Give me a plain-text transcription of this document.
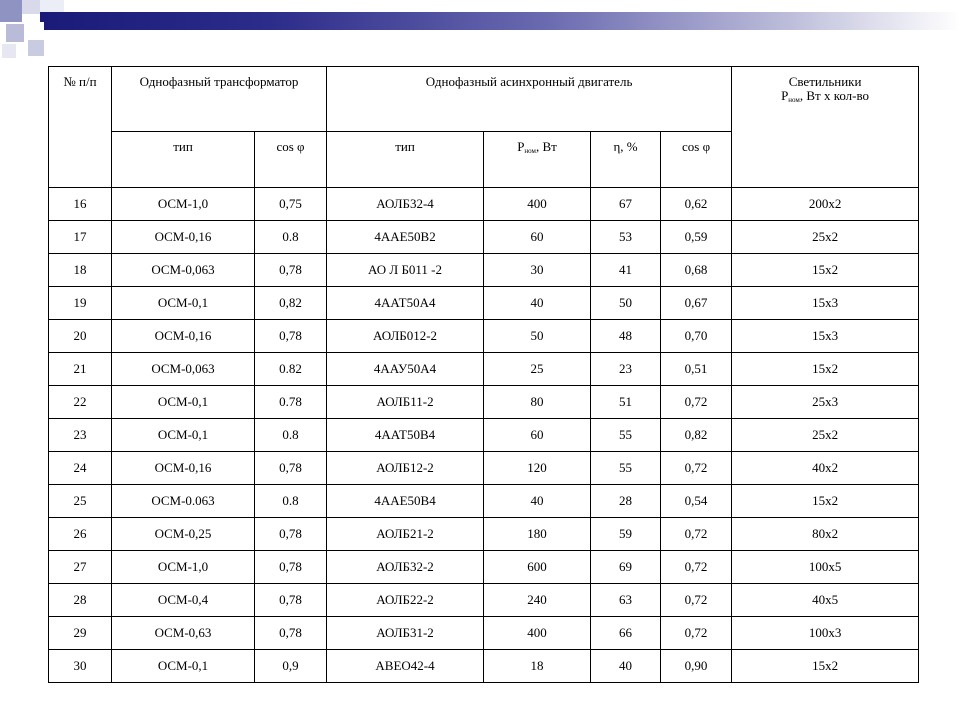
№ п/п	Однофазный трансформатор		Однофазный асинхронный двигатель				Светильники
$Р_{ном}$, Вт х кол-во
	тип	cos φ	тип	$Р_{ном}$, Вт	η, %	cos φ	
16	ОСМ-1,0	0,75	АОЛБ32-4	400	67	0,62	200х2
17	ОСМ-0,16	0.8	4ААЕ50В2	60	53	0,59	25х2
18	ОСМ-0,063	0,78	АО Л Б011 -2	30	41	0,68	15х2
19	ОСМ-0,1	0,82	4ААТ50А4	40	50	0,67	15х3
20	ОСМ-0,16	0,78	АОЛБ012-2	50	48	0,70	15х3
21	ОСМ-0,063	0.82	4ААУ50А4	25	23	0,51	15х2
22	ОСМ-0,1	0.78	АОЛБ11-2	80	51	0,72	25х3
23	ОСМ-0,1	0.8	4ААТ50В4	60	55	0,82	25х2
24	ОСМ-0,16	0,78	АОЛБ12-2	120	55	0,72	40х2
25	ОСМ-0.063	0.8	4ААЕ50В4	40	28	0,54	15х2
26	ОСМ-0,25	0,78	АОЛБ21-2	180	59	0,72	80х2
27	ОСМ-1,0	0,78	АОЛБ32-2	600	69	0,72	100х5
28	ОСМ-0,4	0,78	АОЛБ22-2	240	63	0,72	40х5
29	ОСМ-0,63	0,78	АОЛБ31-2	400	66	0,72	100х3
30	ОСМ-0,1	0,9	АВЕО42-4	18	40	0,90	15х2
